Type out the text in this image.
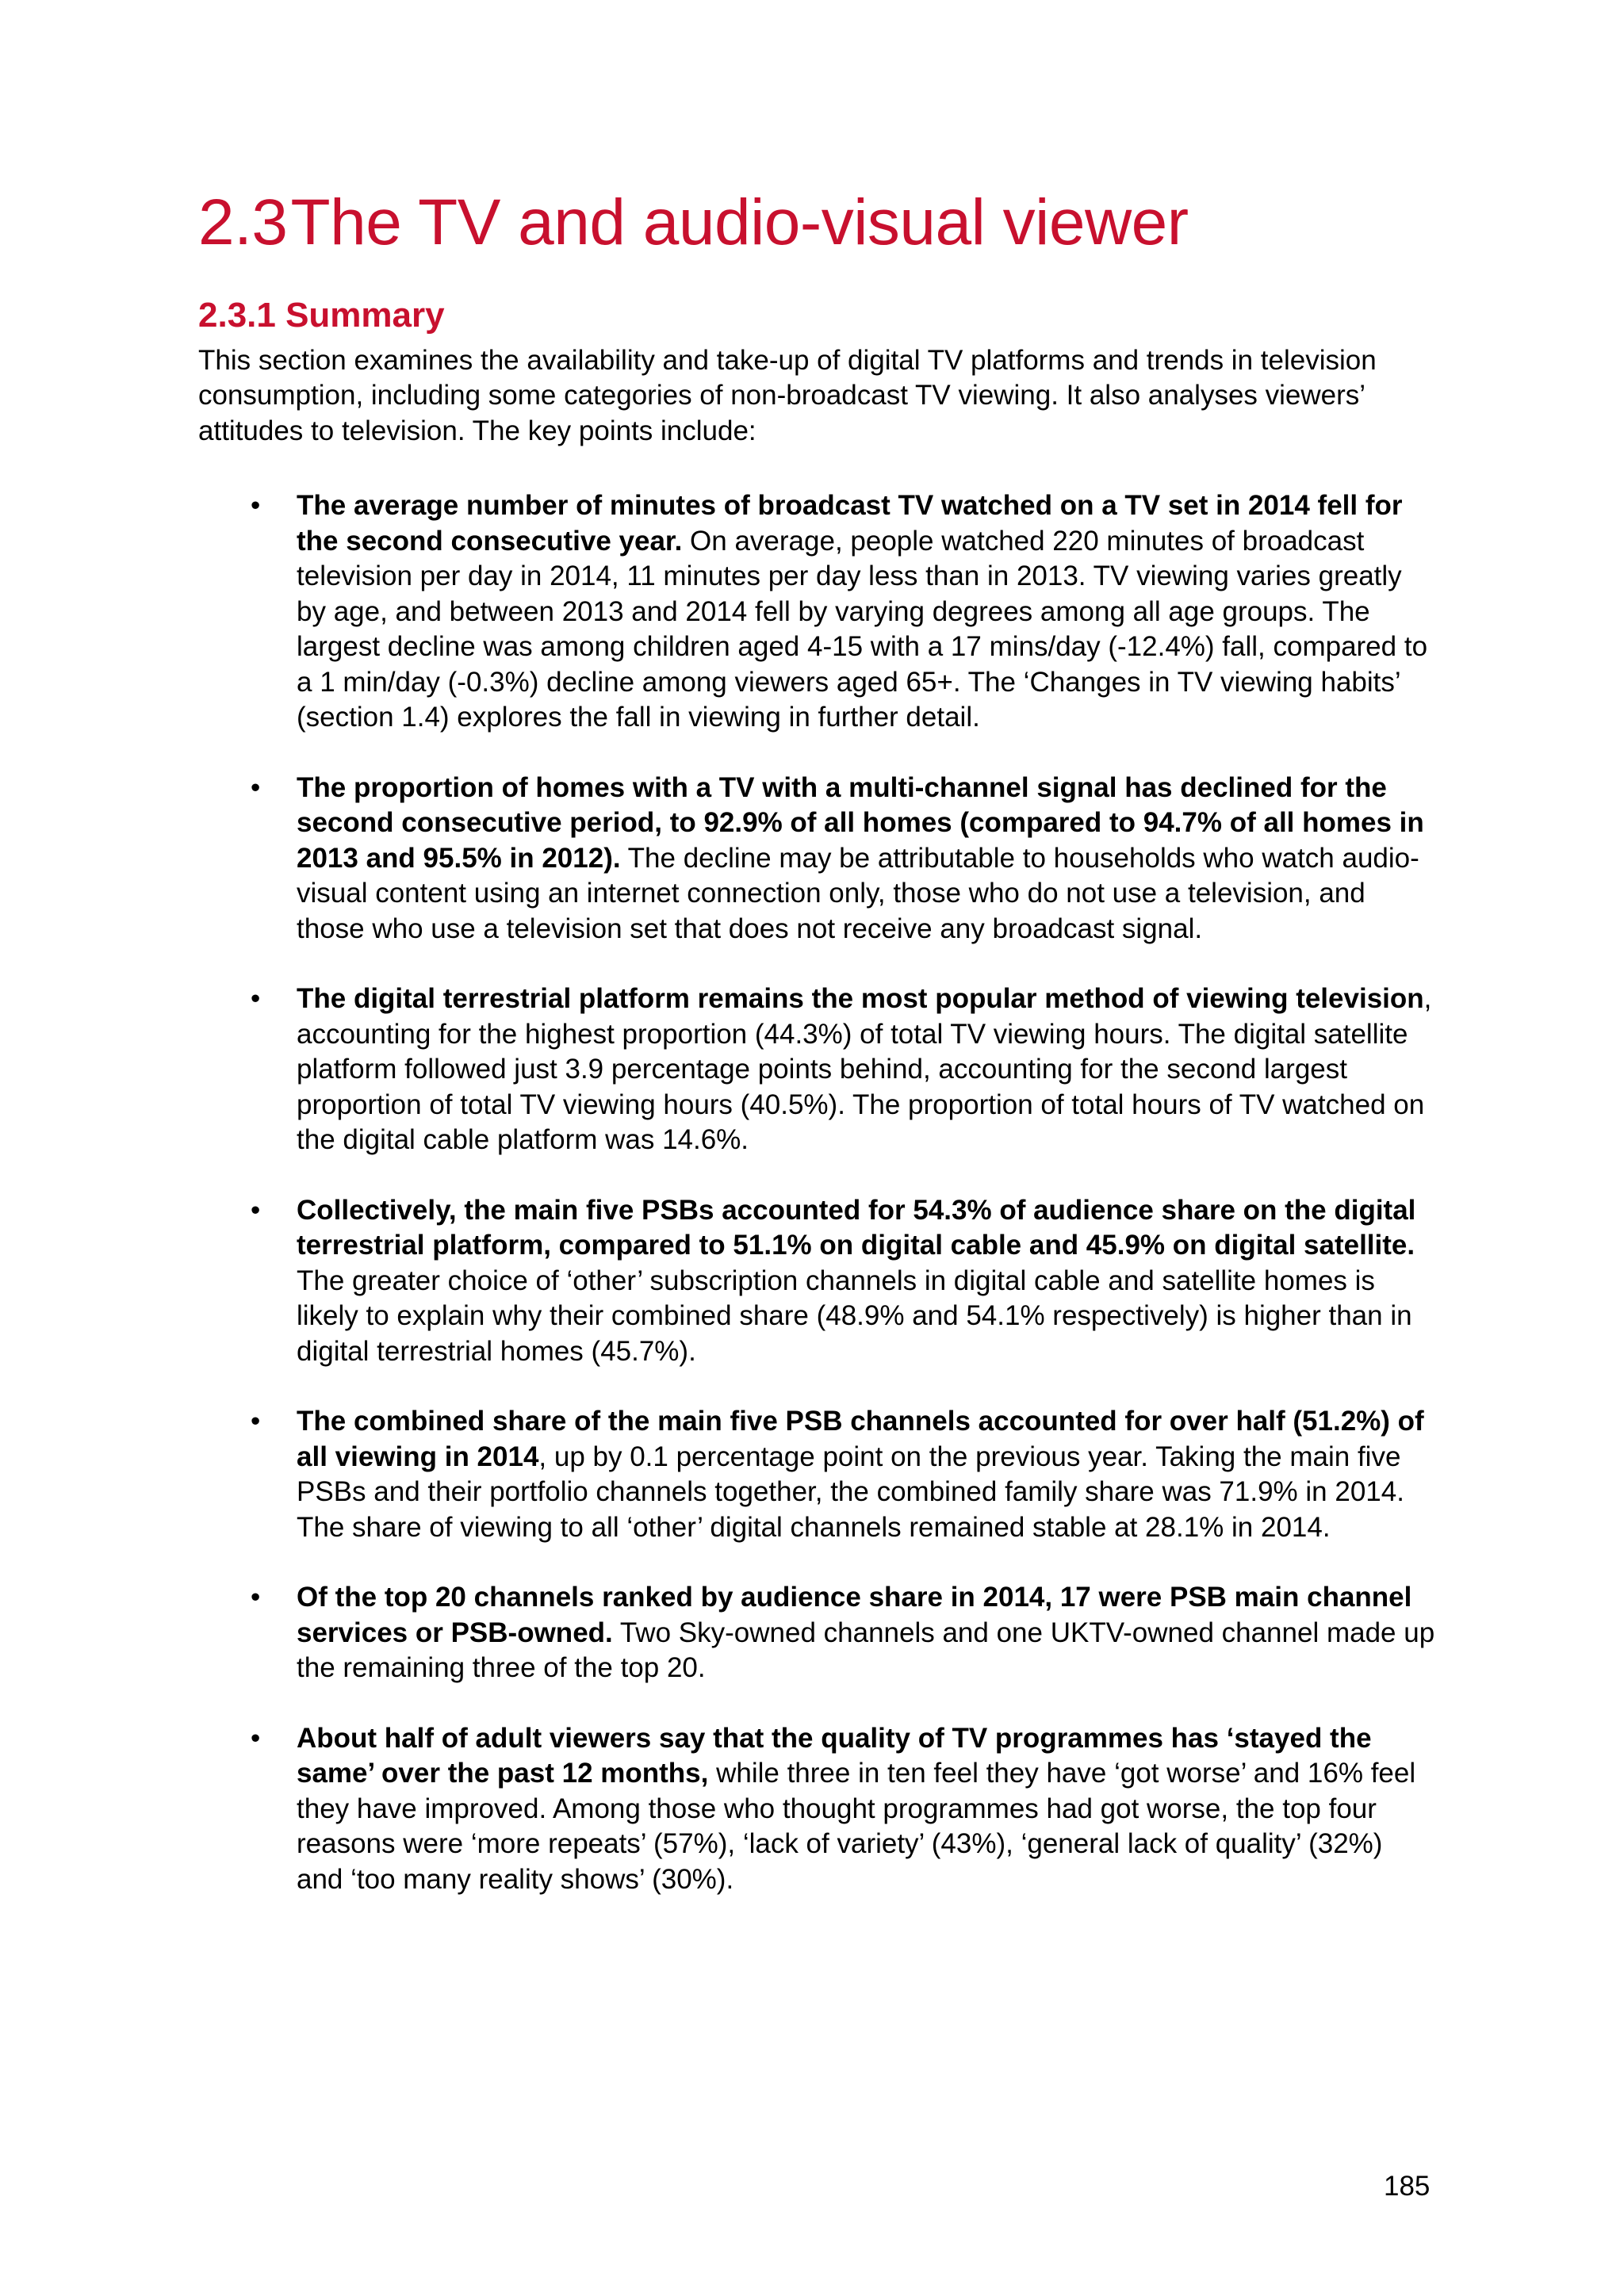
2.3 The TV and audio-visual viewer
2.3.1 Summary

This section examines the availability and take-up of digital TV platforms and trends in television consumption, including some categories of non-broadcast TV viewing. It also analyses viewers’ attitudes to television. The key points include:

• The average number of minutes of broadcast TV watched on a TV set in 2014 fell for the second consecutive year. On average, people watched 220 minutes of broadcast television per day in 2014, 11 minutes per day less than in 2013. TV viewing varies greatly by age, and between 2013 and 2014 fell by varying degrees among all age groups. The largest decline was among children aged 4-15 with a 17 mins/day (-12.4%) fall, compared to a 1 min/day (-0.3%) decline among viewers aged 65+. The ‘Changes in TV viewing habits’ (section 1.4) explores the fall in viewing in further detail.
• The proportion of homes with a TV with a multi-channel signal has declined for the second consecutive period, to 92.9% of all homes (compared to 94.7% of all homes in 2013 and 95.5% in 2012). The decline may be attributable to households who watch audio-visual content using an internet connection only, those who do not use a television, and those who use a television set that does not receive any broadcast signal.
• The digital terrestrial platform remains the most popular method of viewing television, accounting for the highest proportion (44.3%) of total TV viewing hours. The digital satellite platform followed just 3.9 percentage points behind, accounting for the second largest proportion of total TV viewing hours (40.5%). The proportion of total hours of TV watched on the digital cable platform was 14.6%.
• Collectively, the main five PSBs accounted for 54.3% of audience share on the digital terrestrial platform, compared to 51.1% on digital cable and 45.9% on digital satellite. The greater choice of ‘other’ subscription channels in digital cable and satellite homes is likely to explain why their combined share (48.9% and 54.1% respectively) is higher than in digital terrestrial homes (45.7%).
• The combined share of the main five PSB channels accounted for over half (51.2%) of all viewing in 2014, up by 0.1 percentage point on the previous year. Taking the main five PSBs and their portfolio channels together, the combined family share was 71.9% in 2014. The share of viewing to all ‘other’ digital channels remained stable at 28.1% in 2014.
• Of the top 20 channels ranked by audience share in 2014, 17 were PSB main channel services or PSB-owned. Two Sky-owned channels and one UKTV-owned channel made up the remaining three of the top 20.
• About half of adult viewers say that the quality of TV programmes has ‘stayed the same’ over the past 12 months, while three in ten feel they have ‘got worse’ and 16% feel they have improved. Among those who thought programmes had got worse, the top four reasons were ‘more repeats’ (57%), ‘lack of variety’ (43%), ‘general lack of quality’ (32%) and ‘too many reality shows’ (30%).
185
